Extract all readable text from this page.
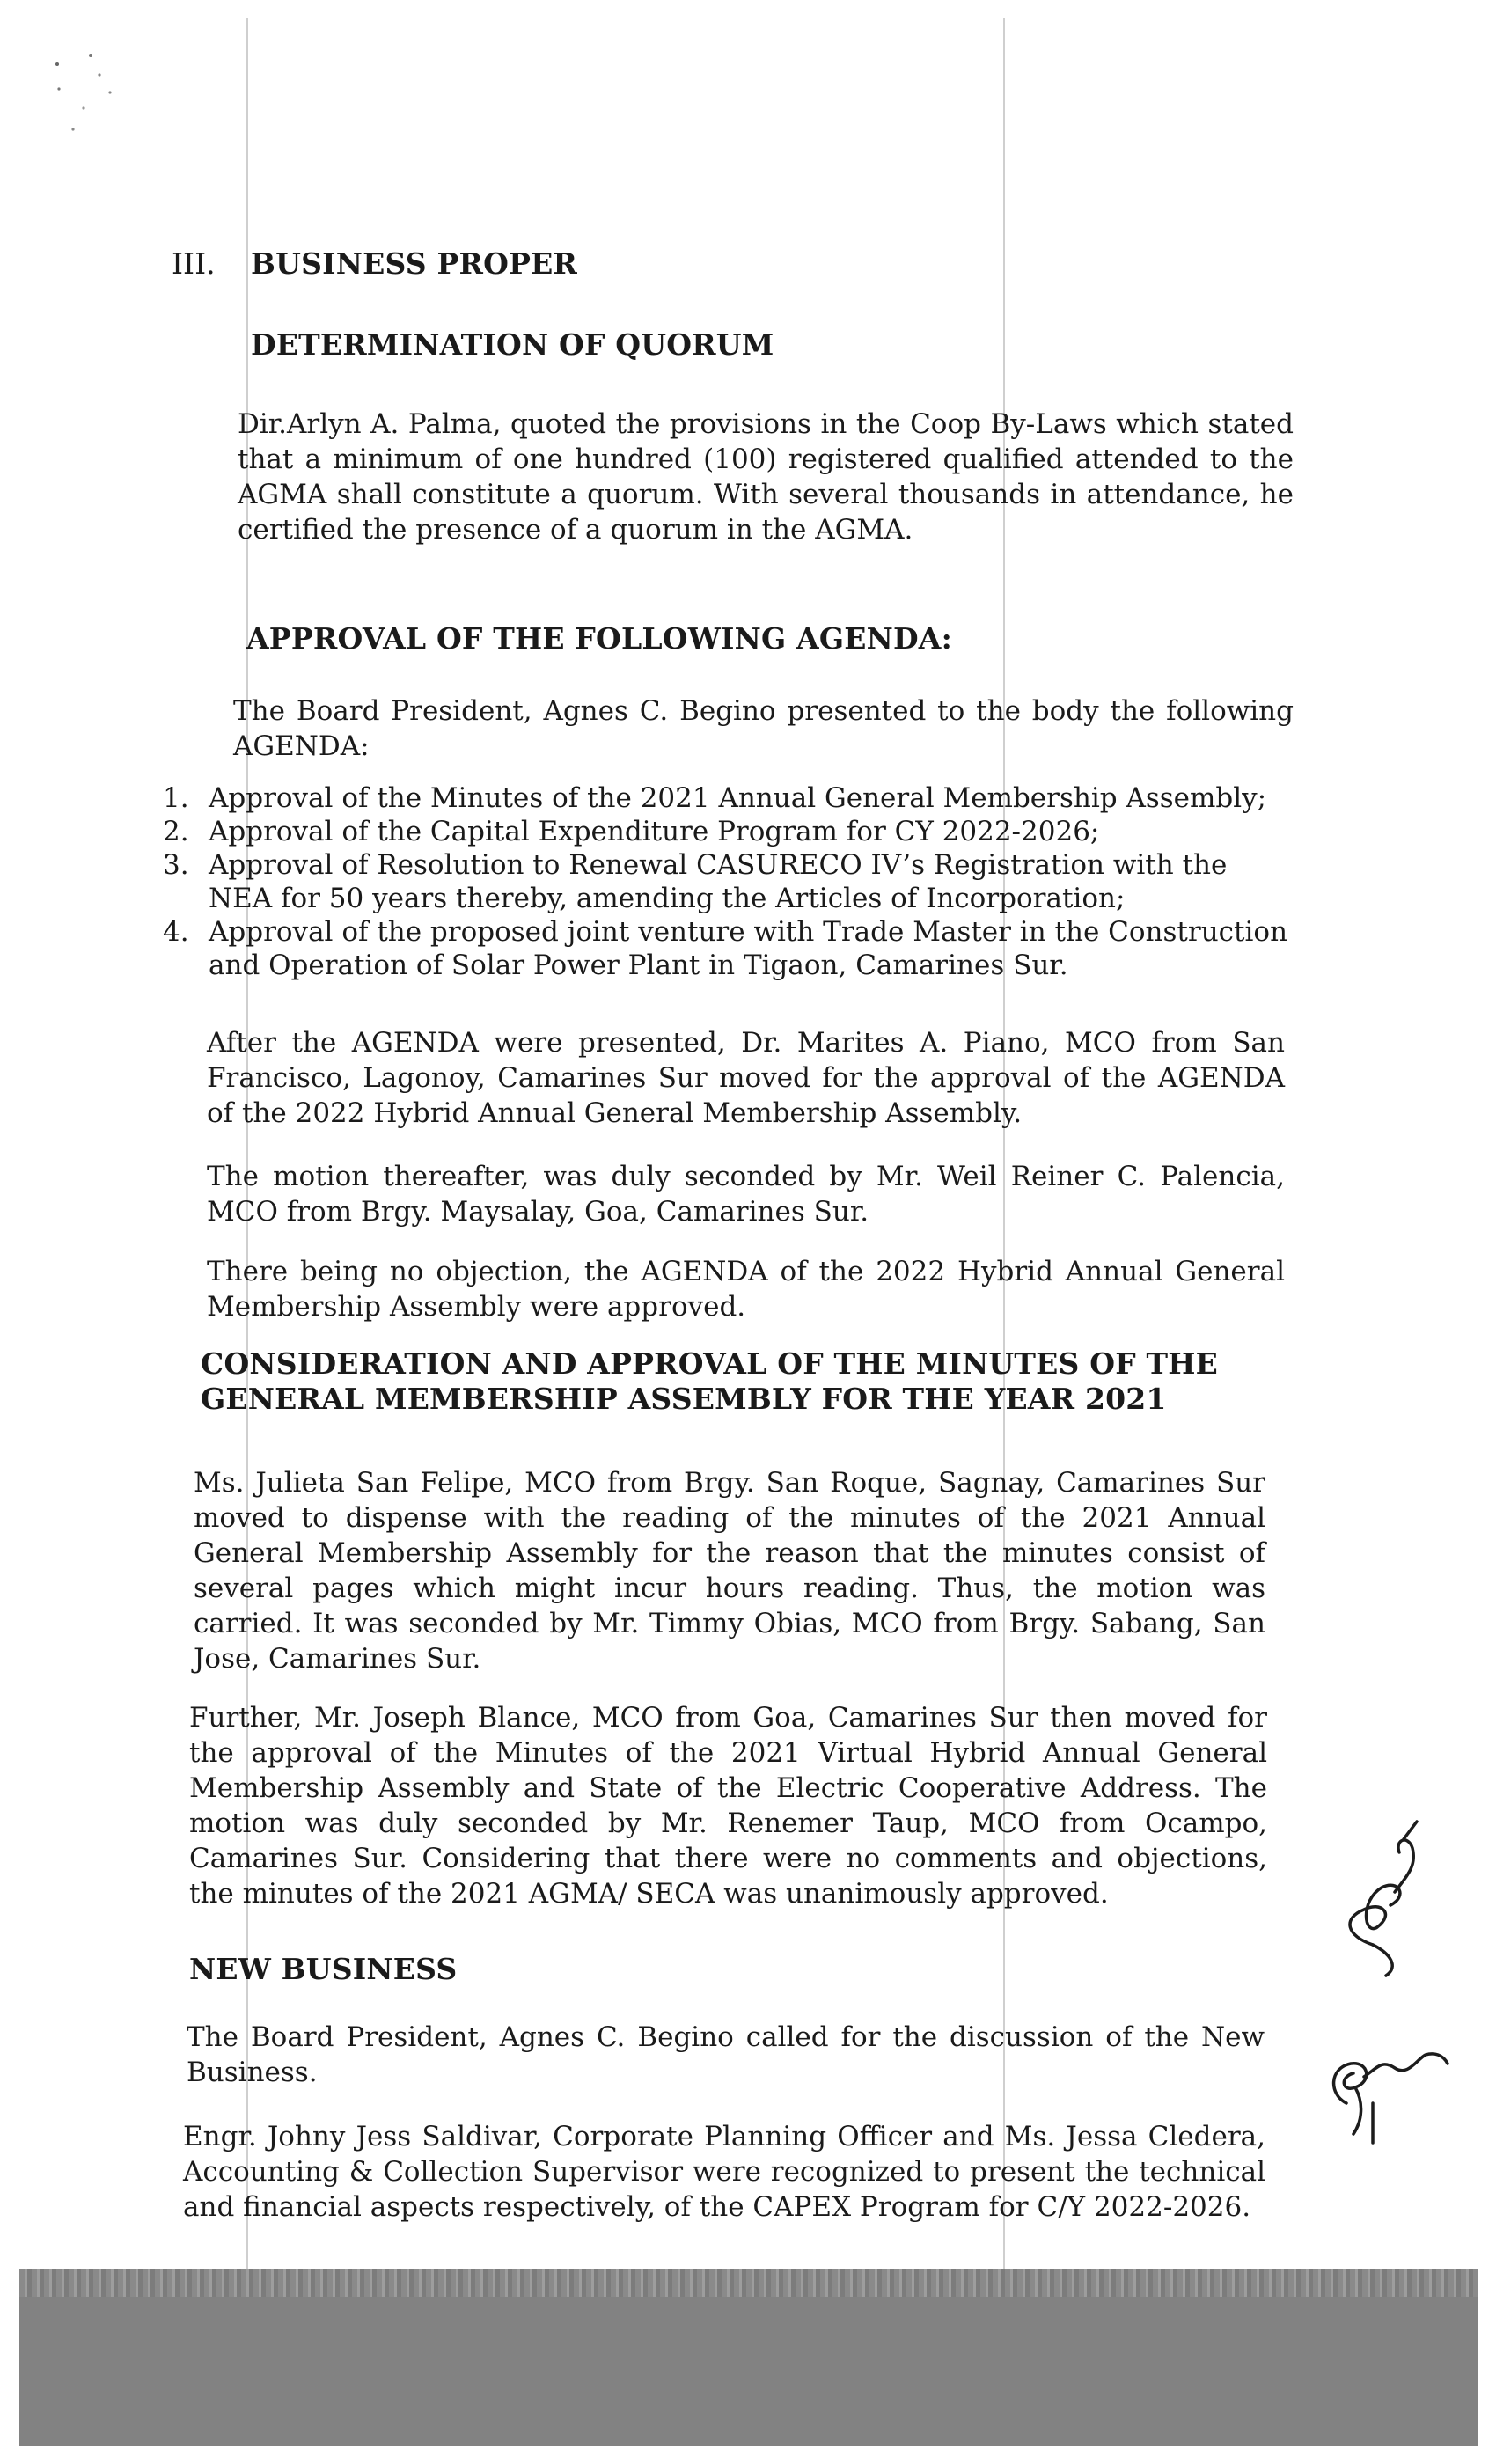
III. BUSINESS PROPER
DETERMINATION OF QUORUM

Dir.Arlyn A. Palma, quoted the provisions in the Coop By-Laws which stated that a minimum of one hundred (100) registered qualified attended to the AGMA shall constitute a quorum. With several thousands in attendance, he certified the presence of a quorum in the AGMA.

APPROVAL OF THE FOLLOWING AGENDA:

The Board President, Agnes C. Begino presented to the body the following AGENDA:

1. Approval of the Minutes of the 2021 Annual General Membership Assembly;
2. Approval of the Capital Expenditure Program for CY 2022-2026;
3. Approval of Resolution to Renewal CASURECO IV’s Registration with the NEA for 50 years thereby, amending the Articles of Incorporation;
4. Approval of the proposed joint venture with Trade Master in the Construction and Operation of Solar Power Plant in Tigaon, Camarines Sur.

After the AGENDA were presented, Dr. Marites A. Piano, MCO from San Francisco, Lagonoy, Camarines Sur moved for the approval of the AGENDA of the 2022 Hybrid Annual General Membership Assembly.

The motion thereafter, was duly seconded by Mr. Weil Reiner C. Palencia, MCO from Brgy. Maysalay, Goa, Camarines Sur.

There being no objection, the AGENDA of the 2022 Hybrid Annual General Membership Assembly were approved.

CONSIDERATION AND APPROVAL OF THE MINUTES OF THE GENERAL MEMBERSHIP ASSEMBLY FOR THE YEAR 2021

Ms. Julieta San Felipe, MCO from Brgy. San Roque, Sagnay, Camarines Sur moved to dispense with the reading of the minutes of the 2021 Annual General Membership Assembly for the reason that the minutes consist of several pages which might incur hours reading. Thus, the motion was carried. It was seconded by Mr. Timmy Obias, MCO from Brgy. Sabang, San Jose, Camarines Sur.

Further, Mr. Joseph Blance, MCO from Goa, Camarines Sur then moved for the approval of the Minutes of the 2021 Virtual Hybrid Annual General Membership Assembly and State of the Electric Cooperative Address. The motion was duly seconded by Mr. Renemer Taup, MCO from Ocampo, Camarines Sur. Considering that there were no comments and objections, the minutes of the 2021 AGMA/ SECA was unanimously approved.

NEW BUSINESS

The Board President, Agnes C. Begino called for the discussion of the New Business.

Engr. Johny Jess Saldivar, Corporate Planning Officer and Ms. Jessa Cledera, Accounting & Collection Supervisor were recognized to present the technical and financial aspects respectively, of the CAPEX Program for C/Y 2022-2026.
